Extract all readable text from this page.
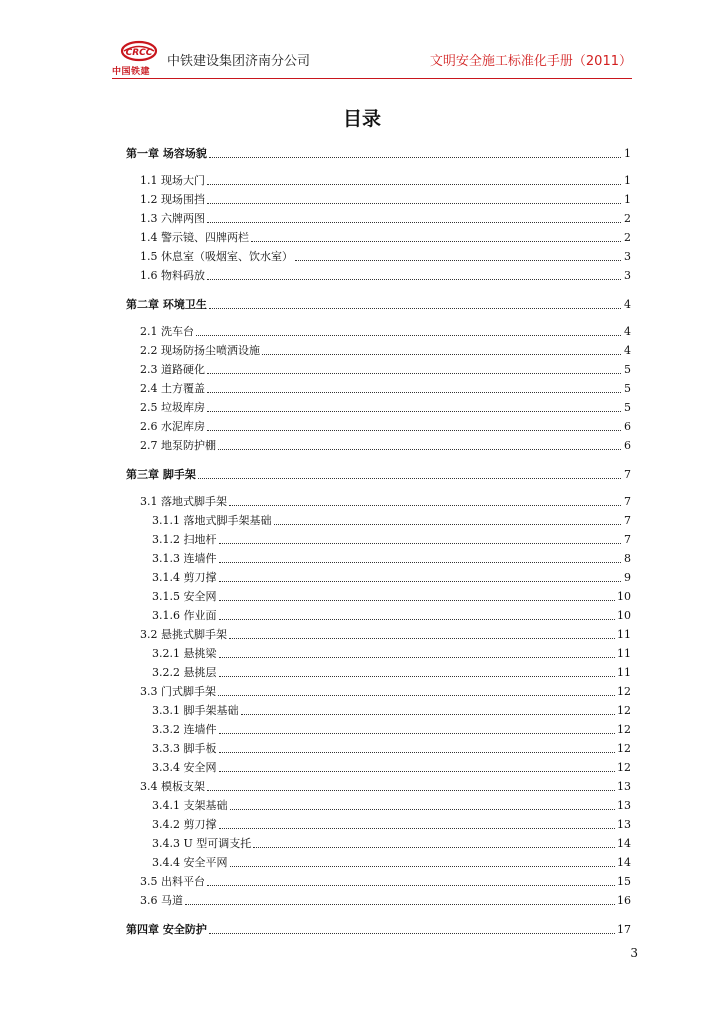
CRCC
中国铁建
中铁建设集团济南分公司	文明安全施工标准化手册（2011）
目录
第一章 场容场貌	1
1.1 现场大门	1
1.2 现场围挡	1
1.3 六牌两图	2
1.4 警示镜、四牌两栏	2
1.5 休息室（吸烟室、饮水室）	3
1.6 物料码放	3
第二章 环境卫生	4
2.1 洗车台	4
2.2 现场防扬尘喷洒设施	4
2.3 道路硬化	5
2.4 土方覆盖	5
2.5 垃圾库房	5
2.6 水泥库房	6
2.7 地泵防护棚	6
第三章 脚手架	7
3.1 落地式脚手架	7
3.1.1 落地式脚手架基础	7
3.1.2 扫地杆	7
3.1.3 连墙件	8
3.1.4 剪刀撑	9
3.1.5 安全网	10
3.1.6 作业面	10
3.2 悬挑式脚手架	11
3.2.1 悬挑梁	11
3.2.2 悬挑层	11
3.3 门式脚手架	12
3.3.1 脚手架基础	12
3.3.2 连墙件	12
3.3.3 脚手板	12
3.3.4 安全网	12
3.4 模板支架	13
3.4.1 支架基础	13
3.4.2 剪刀撑	13
3.4.3 U 型可调支托	14
3.4.4 安全平网	14
3.5 出料平台	15
3.6 马道	16
第四章 安全防护	17
3
